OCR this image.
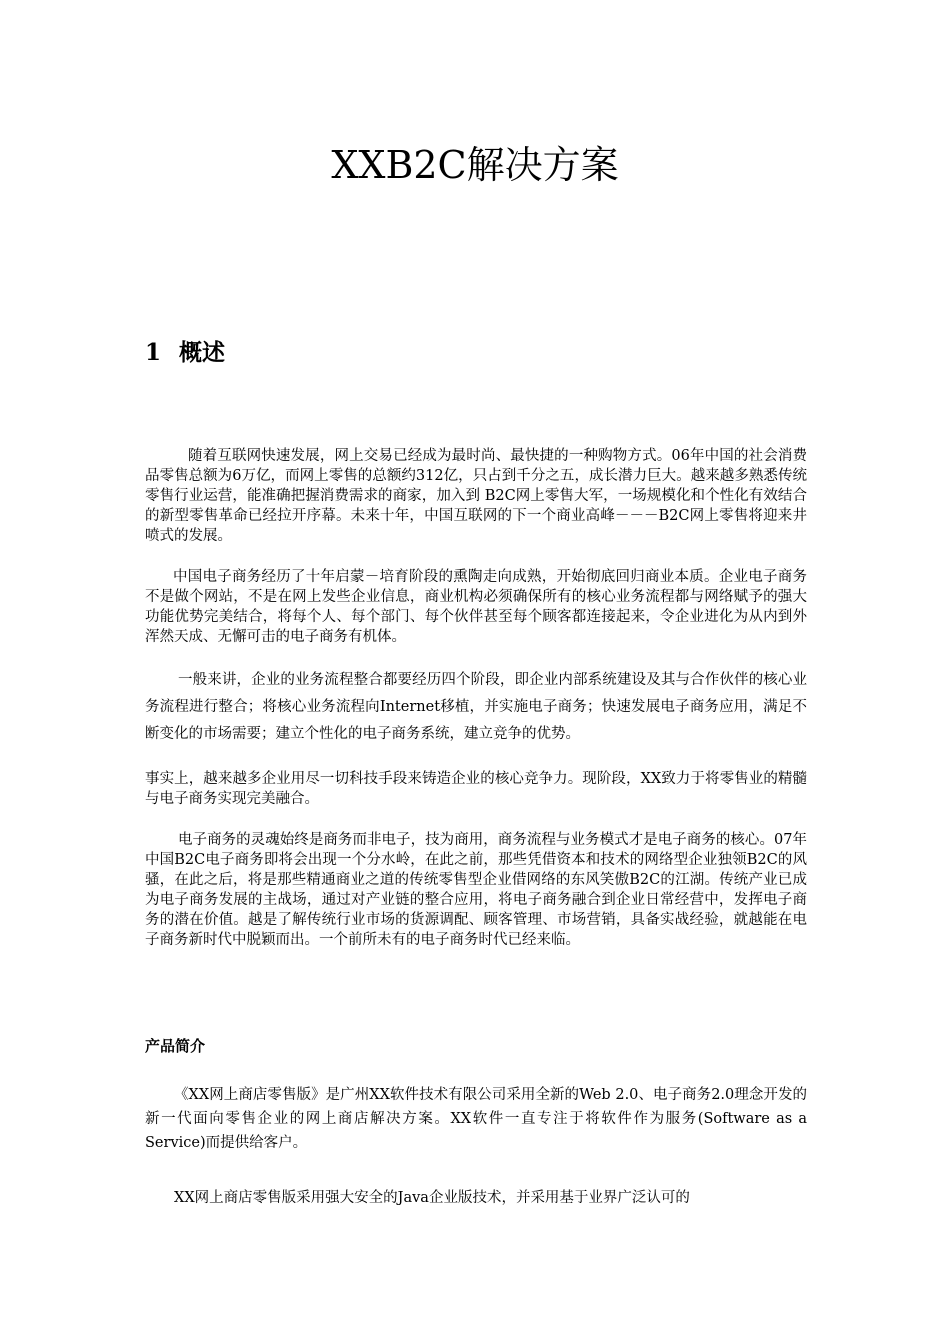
XXB2C解决方案
1 概述

随着互联网快速发展，网上交易已经成为最时尚、最快捷的一种购物方式。06年中国的社会消费品零售总额为6万亿，而网上零售的总额约312亿，只占到千分之五，成长潜力巨大。越来越多熟悉传统零售行业运营，能准确把握消费需求的商家，加入到 B2C网上零售大军，一场规模化和个性化有效结合的新型零售革命已经拉开序幕。未来十年，中国互联网的下一个商业高峰－－－B2C网上零售将迎来井喷式的发展。

中国电子商务经历了十年启蒙－培育阶段的熏陶走向成熟，开始彻底回归商业本质。企业电子商务不是做个网站，不是在网上发些企业信息，商业机构必须确保所有的核心业务流程都与网络赋予的强大功能优势完美结合，将每个人、每个部门、每个伙伴甚至每个顾客都连接起来，令企业进化为从内到外浑然天成、无懈可击的电子商务有机体。

一般来讲，企业的业务流程整合都要经历四个阶段，即企业内部系统建设及其与合作伙伴的核心业务流程进行整合；将核心业务流程向Internet移植，并实施电子商务；快速发展电子商务应用，满足不断变化的市场需要；建立个性化的电子商务系统，建立竞争的优势。

事实上，越来越多企业用尽一切科技手段来铸造企业的核心竞争力。现阶段，XX致力于将零售业的精髓与电子商务实现完美融合。

电子商务的灵魂始终是商务而非电子，技为商用，商务流程与业务模式才是电子商务的核心。07年中国B2C电子商务即将会出现一个分水岭，在此之前，那些凭借资本和技术的网络型企业独领B2C的风骚，在此之后，将是那些精通商业之道的传统零售型企业借网络的东风笑傲B2C的江湖。传统产业已成为电子商务发展的主战场，通过对产业链的整合应用，将电子商务融合到企业日常经营中，发挥电子商务的潜在价值。越是了解传统行业市场的货源调配、顾客管理、市场营销，具备实战经验，就越能在电子商务新时代中脱颖而出。一个前所未有的电子商务时代已经来临。

产品简介

《XX网上商店零售版》是广州XX软件技术有限公司采用全新的Web 2.0、电子商务2.0理念开发的新一代面向零售企业的网上商店解决方案。XX软件一直专注于将软件作为服务(Software as a Service)而提供给客户。

XX网上商店零售版采用强大安全的Java企业版技术，并采用基于业界广泛认可的
